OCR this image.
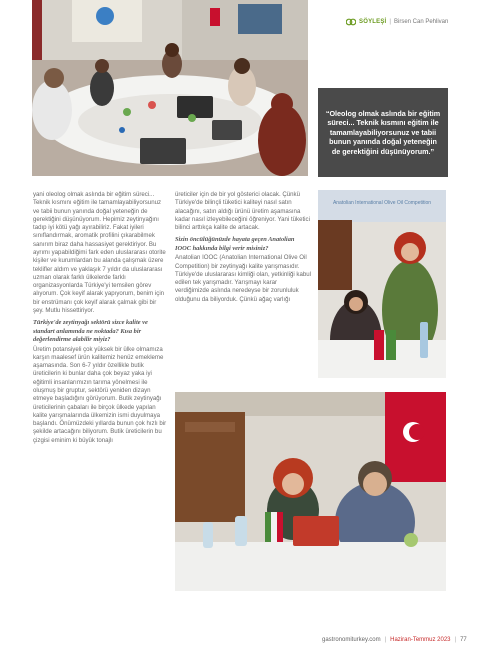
SÖYLEŞİ | Birsen Can Pehlivan
“Oleolog olmak aslında bir eğitim süreci... Teknik kısmını eğitim ile tamamlayabiliyorsunuz ve tabii bunun yanında doğal yeteneğin de gerektiğini düşünüyorum.”
Anatolian International Olive Oil Competition

yani oleolog olmak aslında bir eğitim süreci... Teknik kısmını eğitim ile tamamlayabiliyorsunuz ve tabii bunun yanında doğal yeteneğin de gerektiğini düşünüyorum. Hepimiz zeytinyağını tadıp iyi kötü yağı ayırabiliriz. Fakat iyileri sınıflandırmak, aromatik profilini çıkarabilmek sanırım biraz daha hassasiyet gerektiriyor. Bu ayrımı yapabildiğimi fark eden uluslararası otorite kişiler ve kurumlardan bu alanda çalışmak üzere teklifler aldım ve yaklaşık 7 yıldır da uluslararası uzman olarak farklı ülkelerde farklı organizasyonlarda Türkiye'yi temsilen görev alıyorum. Çok keyif alarak yapıyorum, benim için bir enstrümanı çok keyif alarak çalmak gibi bir şey. Mutlu hissettiriyor.

Türkiye'de zeytinyağı sektörü sizce kalite ve standart anlamında ne noktada? Kısa bir değerlendirme alabilir miyiz?

Üretim potansiyeli çok yüksek bir ülke olmamıza karşın maalesef ürün kalitemiz henüz emekleme aşamasında. Son 6-7 yıldır özellikle butik üreticilerin ki bunlar daha çok beyaz yaka iyi eğitimli insanlarımızın tarıma yönelmesi ile oluşmuş bir gruptur, sektörü yeniden dizayn etmeye başladığını görüyorum. Butik zeytinyağı üreticilerinin çabaları ile birçok ülkede yapılan kalite yarışmalarında ülkemizin ismi duyulmaya başlandı. Önümüzdeki yıllarda bunun çok hızlı bir şekilde artacağını biliyorum. Butik üreticilerin bu çizgisi eminim ki büyük tonajlı

üreticiler için de bir yol gösterici olacak. Çünkü Türkiye'de bilinçli tüketici kaliteyi nasıl satın alacağını, satın aldığı ürünü üretim aşamasına kadar nasıl izleyebileceğini öğreniyor. Yani tüketici bilinci arttıkça kalite de artacak.

Sizin öncülüğünüzde hayata geçen Anatolian IOOC hakkında bilgi verir misiniz?

Anatolian IOOC (Anatolian International Olive Oil Competition) bir zeytinyağı kalite yarışmasıdır. Türkiye'de uluslararası kimliği olan, yetkinliği kabul edilen tek yarışmadır. Yarışmayı karar verdiğimizde aslında neredeyse bir zorunluluk olduğunu da biliyorduk. Çünkü ağaç varlığı

gastronomiturkey.com | Haziran-Temmuz 2023 | 77
